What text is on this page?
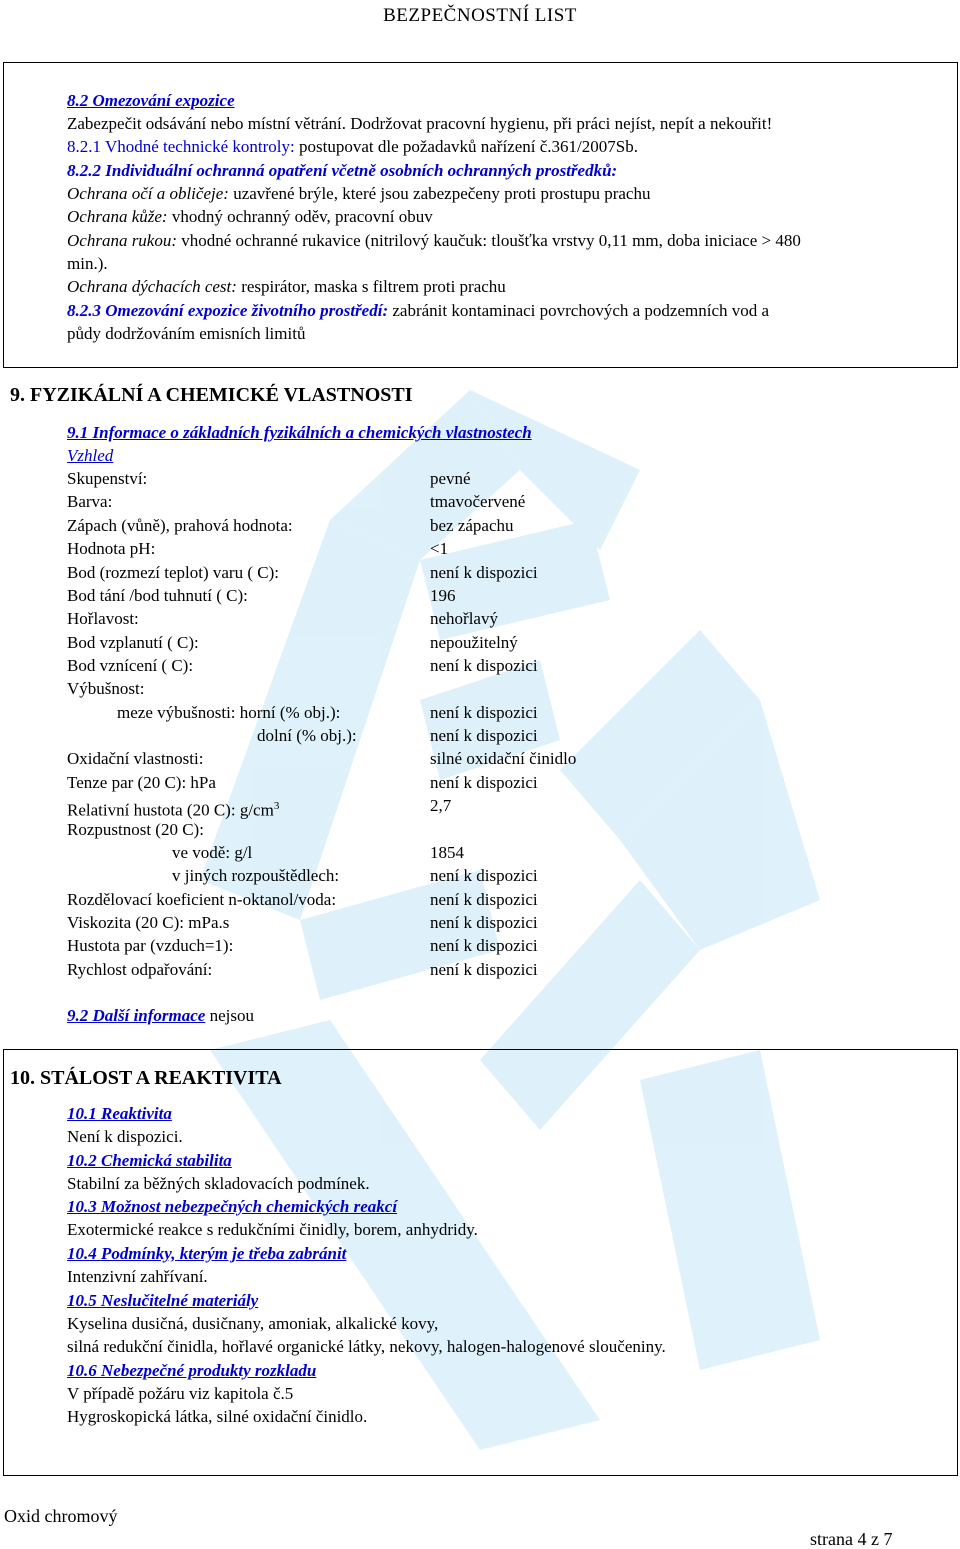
BEZPEČNOSTNÍ LIST
8.2 Omezování expozice
Zabezpečit odsávání nebo místní větrání. Dodržovat pracovní hygienu, při práci nejíst, nepít a nekouřit!
8.2.1 Vhodné technické kontroly: postupovat dle požadavků nařízení č.361/2007Sb.
8.2.2 Individuální ochranná opatření včetně osobních ochranných prostředků:
Ochrana očí a obličeje: uzavřené brýle, které jsou zabezpečeny proti prostupu prachu
Ochrana kůže: vhodný ochranný oděv, pracovní obuv
Ochrana rukou: vhodné ochranné rukavice (nitrilový kaučuk: tloušťka vrstvy 0,11 mm, doba iniciace > 480
min.).
Ochrana dýchacích cest: respirátor, maska s filtrem proti prachu
8.2.3 Omezování expozice životního prostředí: zabránit kontaminaci povrchových a podzemních vod a
půdy dodržováním emisních limitů
9. FYZIKÁLNÍ A CHEMICKÉ VLASTNOSTI
9.1 Informace o základních fyzikálních a chemických vlastnostech
Vzhled
Skupenství:	pevné
Barva:	tmavočervené
Zápach (vůně), prahová hodnota:	bez zápachu
Hodnota pH:	<1
Bod (rozmezí teplot) varu ( C):	není k dispozici
Bod tání /bod tuhnutí ( C):	196
Hořlavost:	nehořlavý
Bod vzplanutí ( C):	nepoužitelný
Bod vznícení ( C):	není k dispozici
Výbušnost:
meze výbušnosti: horní (% obj.):	není k dispozici
dolní (% obj.):	není k dispozici
Oxidační vlastnosti:	silné oxidační činidlo
Tenze par (20 C): hPa	není k dispozici
Relativní hustota (20 C): $g/cm^3$	2,7
Rozpustnost (20 C):
ve vodě: g/l	1854
v jiných rozpouštědlech:	není k dispozici
Rozdělovací koeficient n-oktanol/voda:	není k dispozici
Viskozita (20 C): mPa.s	není k dispozici
Hustota par (vzduch=1):	není k dispozici
Rychlost odpařování:	není k dispozici
9.2 Další informace nejsou
10. STÁLOST A REAKTIVITA
10.1 Reaktivita
Není k dispozici.
10.2 Chemická stabilita
Stabilní za běžných skladovacích podmínek.
10.3 Možnost nebezpečných chemických reakcí
Exotermické reakce s redukčními činidly, borem, anhydridy.
10.4 Podmínky, kterým je třeba zabránit
Intenzivní zahřívaní.
10.5 Neslučitelné materiály
Kyselina dusičná, dusičnany, amoniak, alkalické kovy,
silná redukční činidla, hořlavé organické látky, nekovy, halogen-halogenové sloučeniny.
10.6 Nebezpečné produkty rozkladu
V případě požáru viz kapitola č.5
Hygroskopická látka, silné oxidační činidlo.
Oxid chromový
strana 4 z 7
